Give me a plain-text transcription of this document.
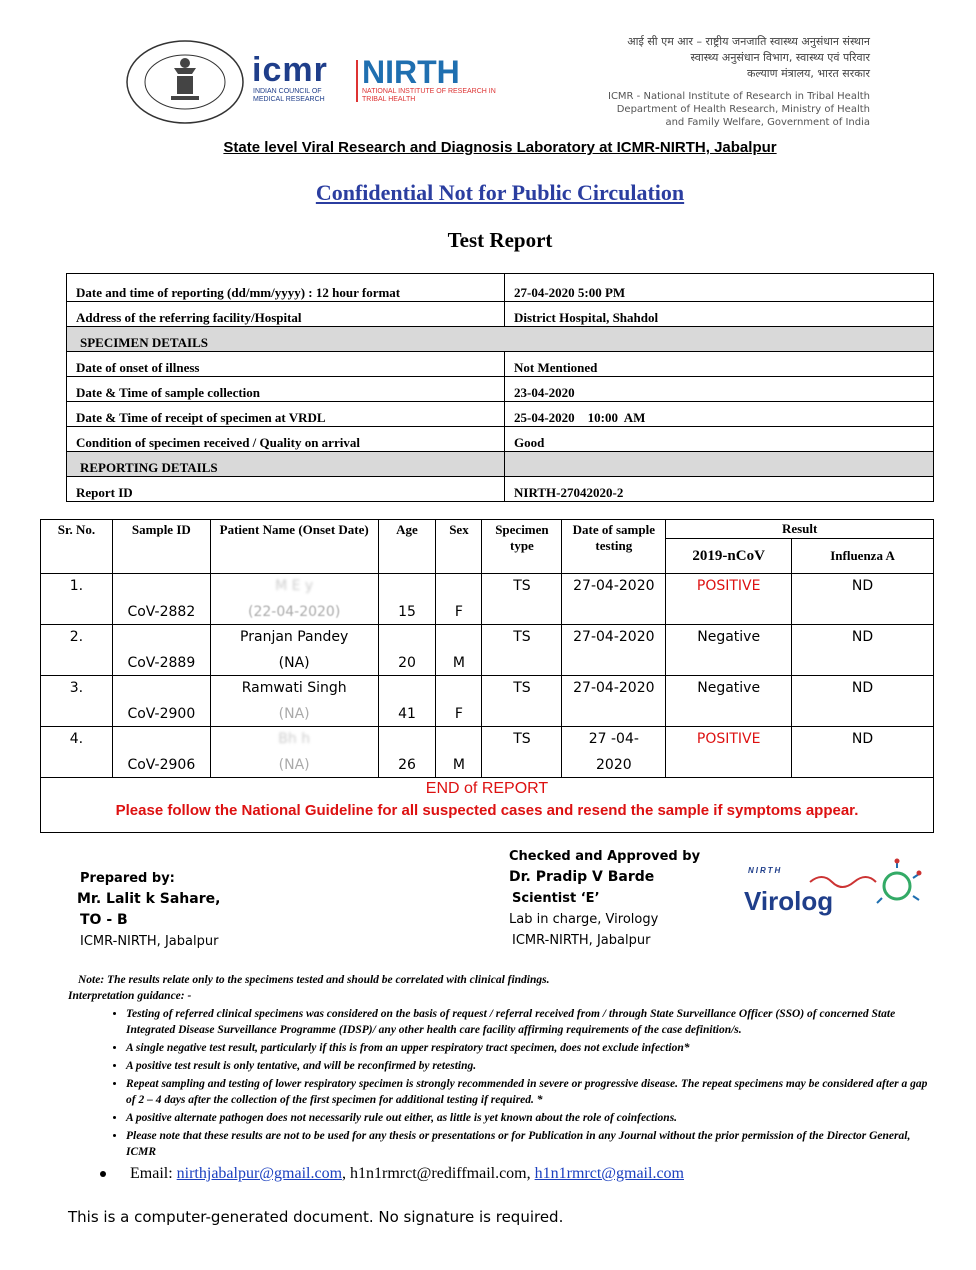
icmr NIRTH
INDIAN COUNCIL OF MEDICAL RESEARCH
NATIONAL INSTITUTE OF RESEARCH IN TRIBAL HEALTH
आई सी एम आर – राष्ट्रीय जनजाति स्वास्थ्य अनुसंधान संस्थान
स्वास्थ्य अनुसंधान विभाग, स्वास्थ्य एवं परिवार
कल्याण मंत्रालय, भारत सरकार
ICMR - National Institute of Research in Tribal Health
Department of Health Research, Ministry of Health
and Family Welfare, Government of India
State level Viral Research and Diagnosis Laboratory at ICMR-NIRTH, Jabalpur
Confidential Not for Public Circulation
Test Report
Date and time of reporting (dd/mm/yyyy) : 12 hour format	27-04-2020 5:00 PM
Address of the referring facility/Hospital	District Hospital, Shahdol
SPECIMEN DETAILS	
Date of onset of illness	Not Mentioned
Date & Time of sample collection	23-04-2020
Date & Time of receipt of specimen at VRDL	25-04-2020    10:00  AM
Condition of specimen received / Quality on arrival	Good
REPORTING DETAILS	
Report ID	NIRTH-27042020-2
Sr. No.	Sample ID	Patient Name (Onset Date)	Age	Sex	Specimen type	Date of sample testing	Result	
							2019-nCoV	Influenza A

1.	CoV-2882	M E y
(22-04-2020)	15	F	TS	27-04-2020	POSITIVE	ND

2.	CoV-2889	Pranjan Pandey
(NA)	20	M	TS	27-04-2020	Negative	ND

3.	CoV-2900	Ramwati Singh
(NA)	41	F	TS	27-04-2020	Negative	ND

4.	CoV-2906	Bh h
(NA)	26	M	TS	27 -04-
2020	POSITIVE	ND

END of REPORT
Please follow the National Guideline for all suspected cases and resend the sample if symptoms appear.								
Prepared by:
Mr. Lalit k Sahare,
TO - B
ICMR-NIRTH, Jabalpur
Checked and Approved by
Dr. Pradip V Barde
Scientist ‘E’
Lab in charge, Virology
ICMR-NIRTH, Jabalpur
NIRTH
Virolog
Note: The results relate only to the specimens tested and should be correlated with clinical findings.
Interpretation guidance: -
• Testing of referred clinical specimens was considered on the basis of request / referral received from / through State Surveillance Officer (SSO) of concerned State Integrated Disease Surveillance Programme (IDSP)/ any other health care facility affirming requirements of the case definition/s.
• A single negative test result, particularly if this is from an upper respiratory tract specimen, does not exclude infection*
• A positive test result is only tentative, and will be reconfirmed by retesting.
• Repeat sampling and testing of lower respiratory specimen is strongly recommended in severe or progressive disease. The repeat specimens may be considered after a gap of 2 – 4 days after the collection of the first specimen for additional testing if required. *
• A positive alternate pathogen does not necessarily rule out either, as little is yet known about the role of coinfections.
• Please note that these results are not to be used for any thesis or presentations or for Publication in any Journal without the prior permission of the Director General, ICMR
Email: nirthjabalpur@gmail.com, h1n1rmrct@rediffmail.com, h1n1rmrct@gmail.com
This is a computer-generated document. No signature is required.
